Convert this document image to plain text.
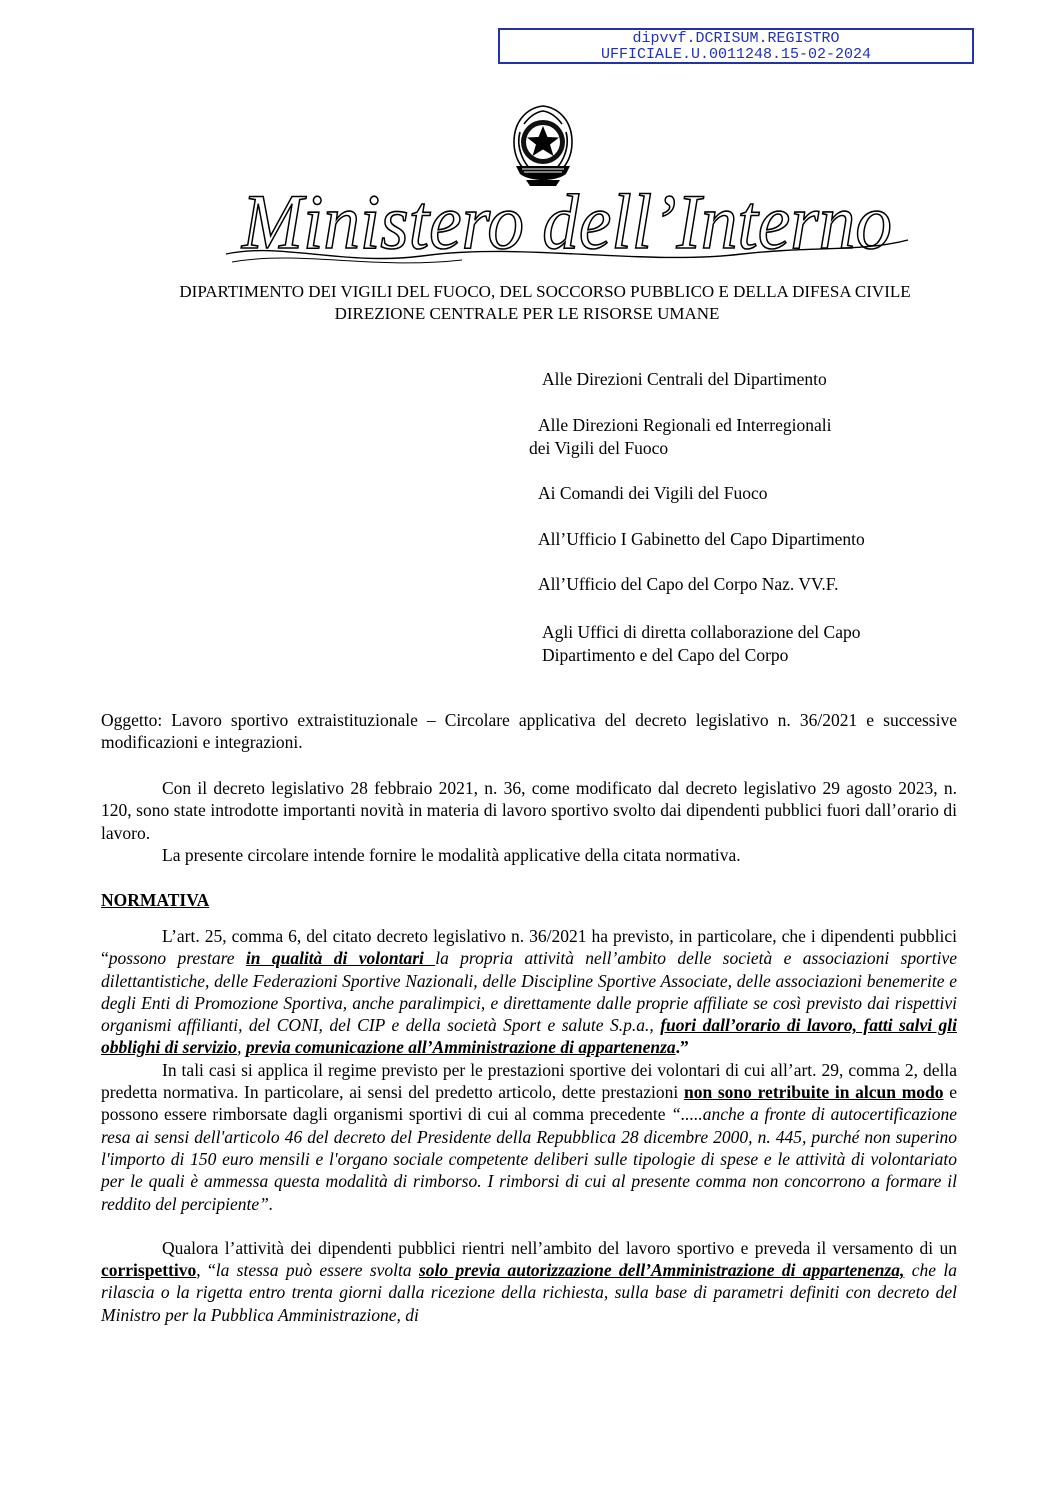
dipvvf.DCRISUM.REGISTRO
UFFICIALE.U.0011248.15-02-2024
Ministero dell’Interno
DIPARTIMENTO DEI VIGILI DEL FUOCO, DEL SOCCORSO PUBBLICO E DELLA DIFESA CIVILE
DIREZIONE CENTRALE PER LE RISORSE UMANE
Alle Direzioni Centrali del Dipartimento
Alle Direzioni Regionali ed Interregionali
dei Vigili del Fuoco
Ai Comandi dei Vigili del Fuoco
All’Ufficio I Gabinetto del Capo Dipartimento
All’Ufficio del Capo del Corpo Naz. VV.F.
Agli Uffici di diretta collaborazione del Capo
Dipartimento e del Capo del Corpo

Oggetto: Lavoro sportivo extraistituzionale – Circolare applicativa del decreto legislativo n. 36/2021 e successive modificazioni e integrazioni.

Con il decreto legislativo 28 febbraio 2021, n. 36, come modificato dal decreto legislativo 29 agosto 2023, n. 120, sono state introdotte importanti novità in materia di lavoro sportivo svolto dai dipendenti pubblici fuori dall’orario di lavoro.

La presente circolare intende fornire le modalità applicative della citata normativa.

NORMATIVA

L’art. 25, comma 6, del citato decreto legislativo n. 36/2021 ha previsto, in particolare, che i dipendenti pubblici “possono prestare in qualità di volontari la propria attività nell’ambito delle società e associazioni sportive dilettantistiche, delle Federazioni Sportive Nazionali, delle Discipline Sportive Associate, delle associazioni benemerite e degli Enti di Promozione Sportiva, anche paralimpici, e direttamente dalle proprie affiliate se così previsto dai rispettivi organismi affilianti, del CONI, del CIP e della società Sport e salute S.p.a., fuori dall’orario di lavoro, fatti salvi gli obblighi di servizio, previa comunicazione all’Amministrazione di appartenenza.”

In tali casi si applica il regime previsto per le prestazioni sportive dei volontari di cui all’art. 29, comma 2, della predetta normativa. In particolare, ai sensi del predetto articolo, dette prestazioni non sono retribuite in alcun modo e possono essere rimborsate dagli organismi sportivi di cui al comma precedente “.....anche a fronte di autocertificazione resa ai sensi dell'articolo 46 del decreto del Presidente della Repubblica 28 dicembre 2000, n. 445, purché non superino l'importo di 150 euro mensili e l'organo sociale competente deliberi sulle tipologie di spese e le attività di volontariato per le quali è ammessa questa modalità di rimborso. I rimborsi di cui al presente comma non concorrono a formare il reddito del percipiente”.

Qualora l’attività dei dipendenti pubblici rientri nell’ambito del lavoro sportivo e preveda il versamento di un corrispettivo, “la stessa può essere svolta solo previa autorizzazione dell’Amministrazione di appartenenza, che la rilascia o la rigetta entro trenta giorni dalla ricezione della richiesta, sulla base di parametri definiti con decreto del Ministro per la Pubblica Amministrazione, di
